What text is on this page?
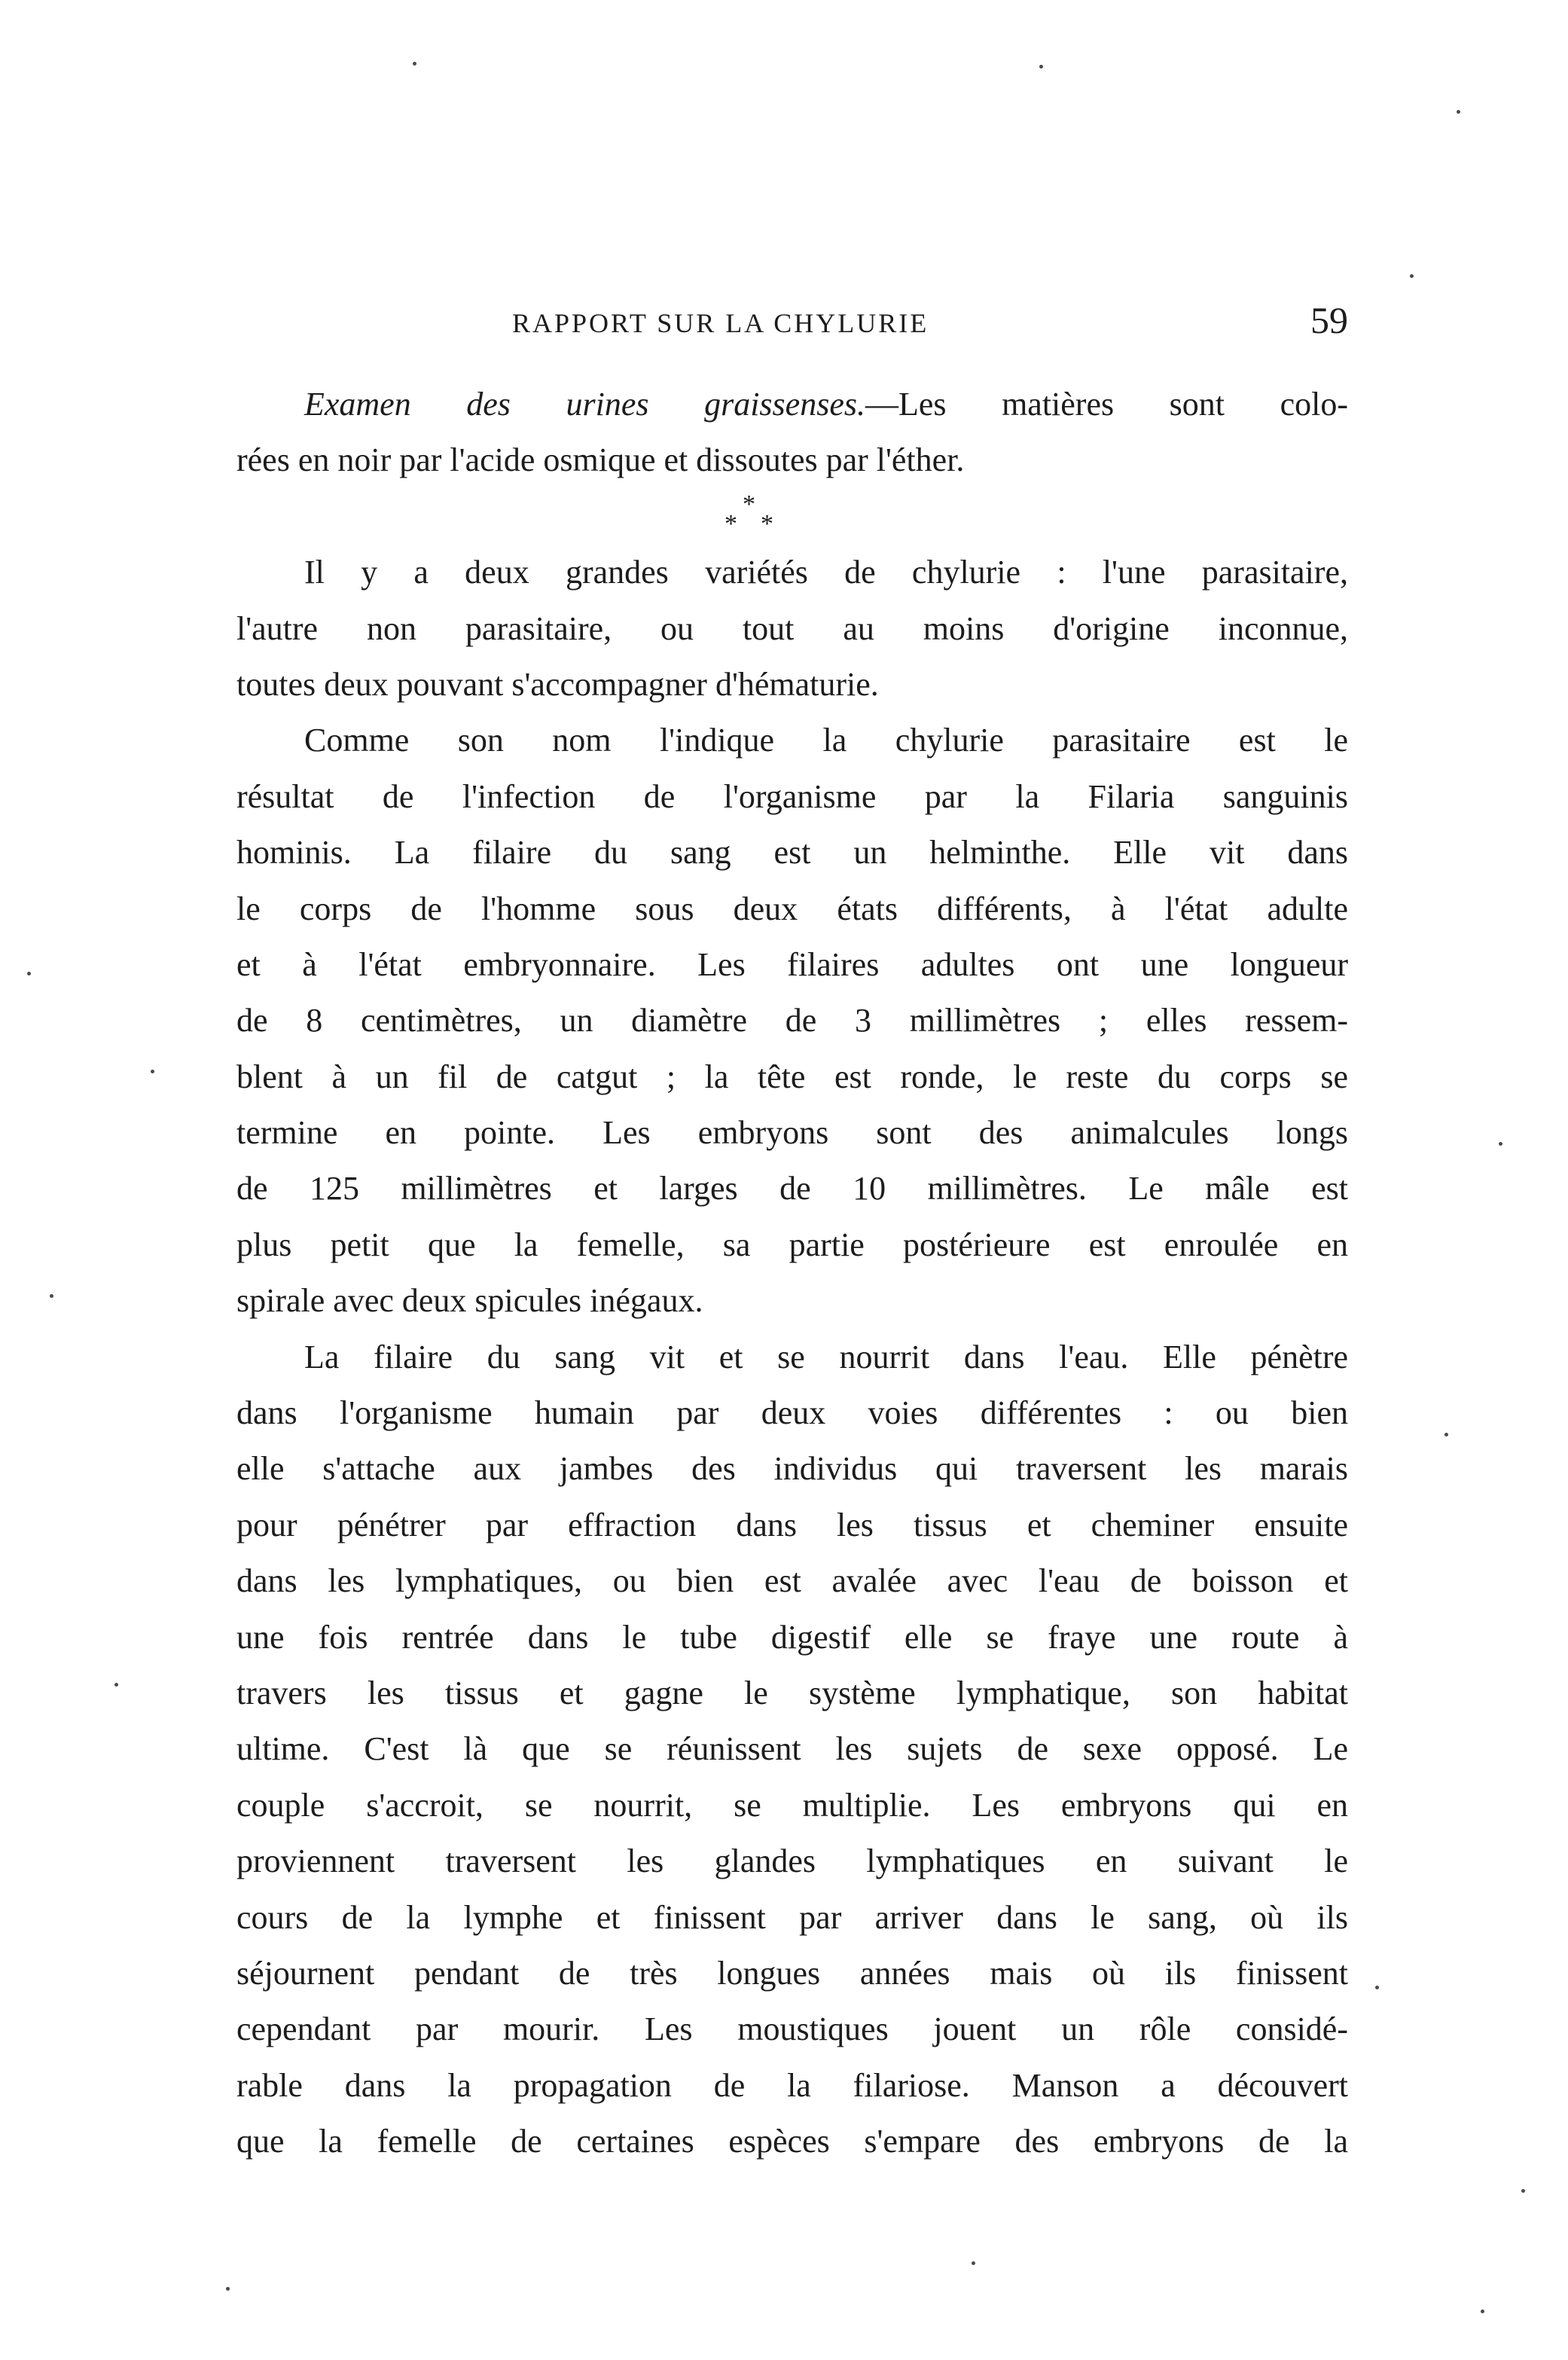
RAPPORT SUR LA CHYLURIE	59
Examen des urines graissenses.—Les matières sont colo-
rées en noir par l'acide osmique et dissoutes par l'éther.
*
* *
Il y a deux grandes variétés de chylurie : l'une parasitaire,
l'autre non parasitaire, ou tout au moins d'origine inconnue,
toutes deux pouvant s'accompagner d'hématurie.
Comme son nom l'indique la chylurie parasitaire est le
résultat de l'infection de l'organisme par la Filaria sanguinis
hominis. La filaire du sang est un helminthe. Elle vit dans
le corps de l'homme sous deux états différents, à l'état adulte
et à l'état embryonnaire. Les filaires adultes ont une longueur
de 8 centimètres, un diamètre de 3 millimètres ; elles ressem-
blent à un fil de catgut ; la tête est ronde, le reste du corps se
termine en pointe. Les embryons sont des animalcules longs
de 125 millimètres et larges de 10 millimètres. Le mâle est
plus petit que la femelle, sa partie postérieure est enroulée en
spirale avec deux spicules inégaux.
La filaire du sang vit et se nourrit dans l'eau. Elle pénètre
dans l'organisme humain par deux voies différentes : ou bien
elle s'attache aux jambes des individus qui traversent les marais
pour pénétrer par effraction dans les tissus et cheminer ensuite
dans les lymphatiques, ou bien est avalée avec l'eau de boisson et
une fois rentrée dans le tube digestif elle se fraye une route à
travers les tissus et gagne le système lymphatique, son habitat
ultime. C'est là que se réunissent les sujets de sexe opposé. Le
couple s'accroit, se nourrit, se multiplie. Les embryons qui en
proviennent traversent les glandes lymphatiques en suivant le
cours de la lymphe et finissent par arriver dans le sang, où ils
séjournent pendant de très longues années mais où ils finissent
cependant par mourir. Les moustiques jouent un rôle considé-
rable dans la propagation de la filariose. Manson a découvert
que la femelle de certaines espèces s'empare des embryons de la
